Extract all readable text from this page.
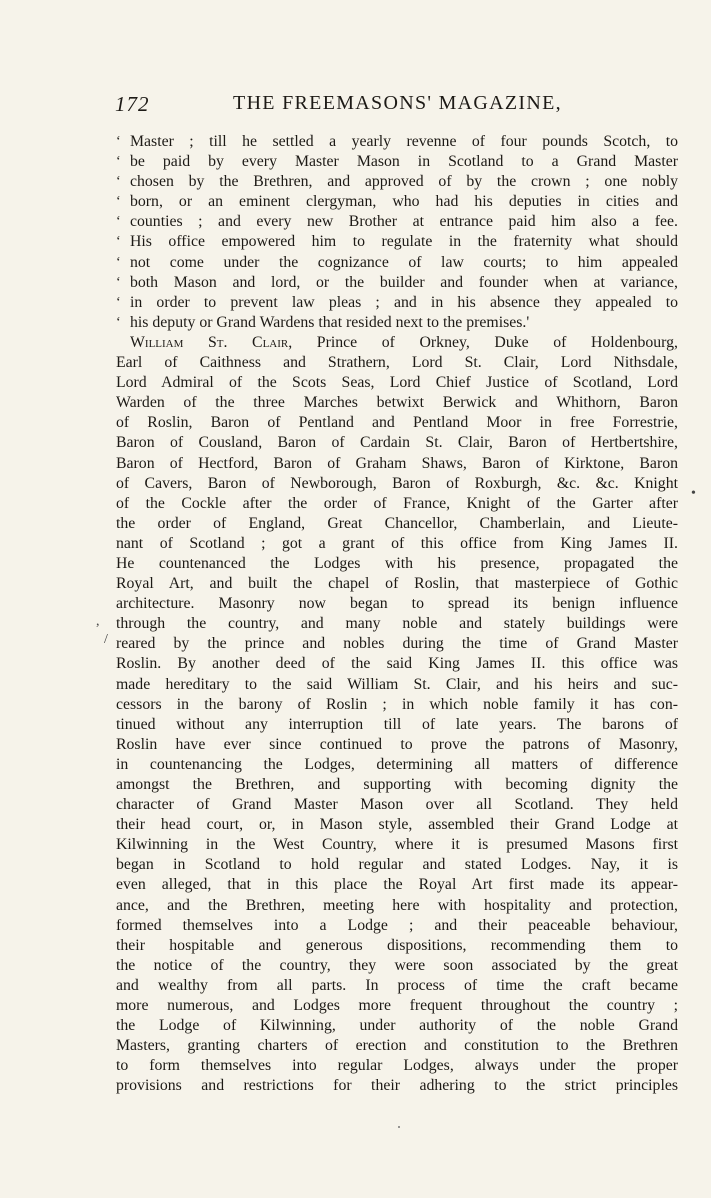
172	THE FREEMASONS' MAGAZINE,
‘ Master ; till he settled a yearly revenne of four pounds Scotch, to
‘ be paid by every Master Mason in Scotland to a Grand Master
‘ chosen by the Brethren, and approved of by the crown ; one nobly
‘ born, or an eminent clergyman, who had his deputies in cities and
‘ counties ; and every new Brother at entrance paid him also a fee.
‘ His office empowered him to regulate in the fraternity what should
‘ not come under the cognizance of law courts; to him appealed
‘ both Mason and lord, or the builder and founder when at variance,
‘ in order to prevent law pleas ; and in his absence they appealed to
‘ his deputy or Grand Wardens that resided next to the premises.'
William St. Clair, Prince of Orkney, Duke of Holdenbourg,
Earl of Caithness and Strathern, Lord St. Clair, Lord Nithsdale,
Lord Admiral of the Scots Seas, Lord Chief Justice of Scotland, Lord
Warden of the three Marches betwixt Berwick and Whithorn, Baron
of Roslin, Baron of Pentland and Pentland Moor in free Forrestrie,
Baron of Cousland, Baron of Cardain St. Clair, Baron of Hertbertshire,
Baron of Hectford, Baron of Graham Shaws, Baron of Kirktone, Baron
of Cavers, Baron of Newborough, Baron of Roxburgh, &c. &c. Knight
of the Cockle after the order of France, Knight of the Garter after
the order of England, Great Chancellor, Chamberlain, and Lieute-
nant of Scotland ; got a grant of this office from King James II.
He countenanced the Lodges with his presence, propagated the
Royal Art, and built the chapel of Roslin, that masterpiece of Gothic
architecture. Masonry now began to spread its benign influence
through the country, and many noble and stately buildings were
reared by the prince and nobles during the time of Grand Master
Roslin. By another deed of the said King James II. this office was
made hereditary to the said William St. Clair, and his heirs and suc-
cessors in the barony of Roslin ; in which noble family it has con-
tinued without any interruption till of late years. The barons of
Roslin have ever since continued to prove the patrons of Masonry,
in countenancing the Lodges, determining all matters of difference
amongst the Brethren, and supporting with becoming dignity the
character of Grand Master Mason over all Scotland. They held
their head court, or, in Mason style, assembled their Grand Lodge at
Kilwinning in the West Country, where it is presumed Masons first
began in Scotland to hold regular and stated Lodges. Nay, it is
even alleged, that in this place the Royal Art first made its appear-
ance, and the Brethren, meeting here with hospitality and protection,
formed themselves into a Lodge ; and their peaceable behaviour,
their hospitable and generous dispositions, recommending them to
the notice of the country, they were soon associated by the great
and wealthy from all parts. In process of time the craft became
more numerous, and Lodges more frequent throughout the country ;
the Lodge of Kilwinning, under authority of the noble Grand
Masters, granting charters of erection and constitution to the Brethren
to form themselves into regular Lodges, always under the proper
provisions and restrictions for their adhering to the strict principles
•
,
/
